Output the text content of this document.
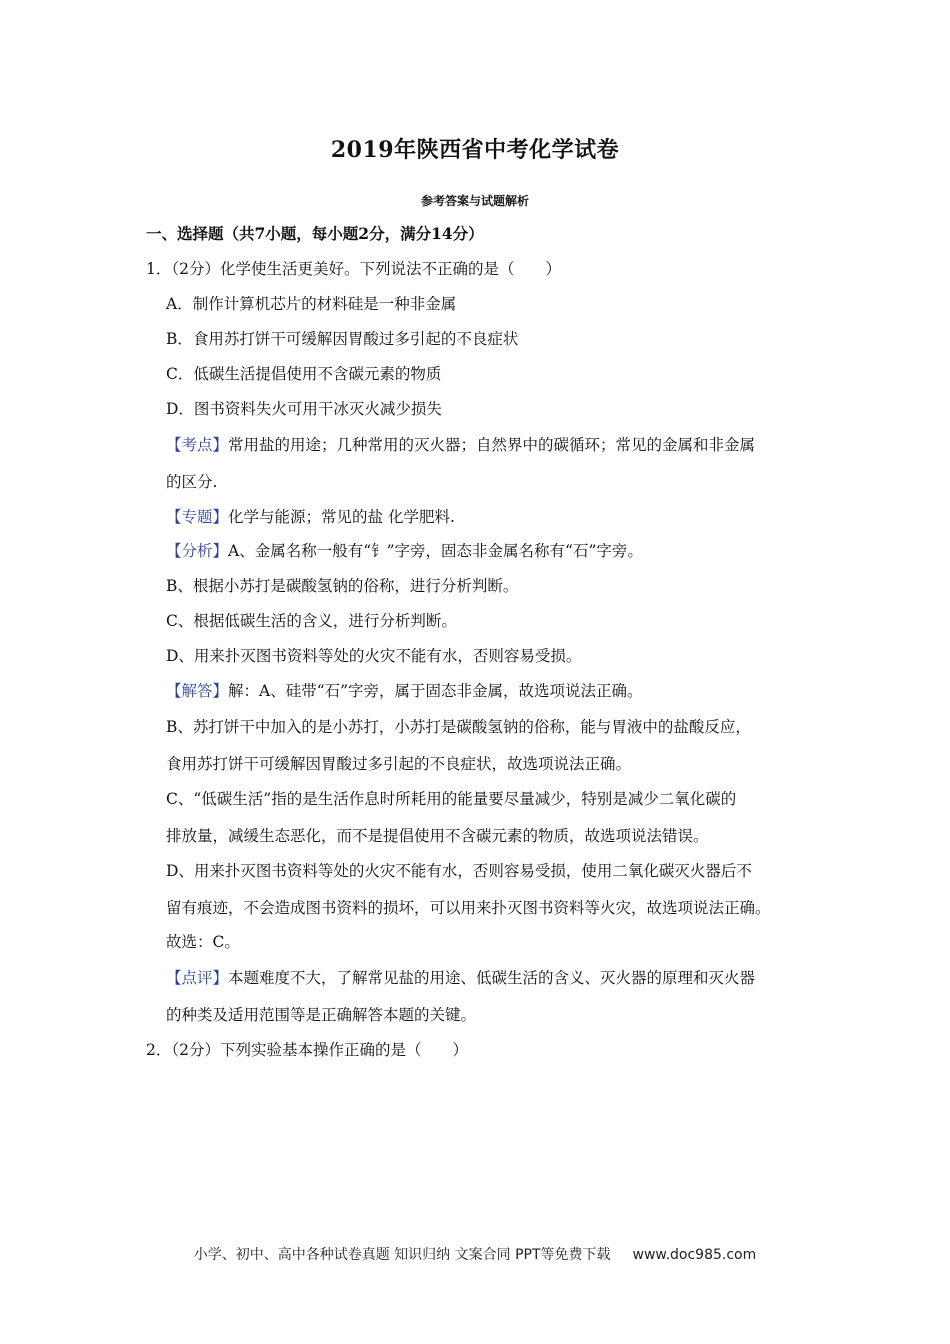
2019年陕西省中考化学试卷
参考答案与试题解析
一、选择题（共7小题，每小题2分，满分14分）
1．（2分）化学使生活更美好。下列说法不正确的是（　　）
A．制作计算机芯片的材料硅是一种非金属
B．食用苏打饼干可缓解因胃酸过多引起的不良症状
C．低碳生活提倡使用不含碳元素的物质
D．图书资料失火可用干冰灭火减少损失
【考点】常用盐的用途；几种常用的灭火器；自然界中的碳循环；常见的金属和非金属
的区分.
【专题】化学与能源；常见的盐 化学肥料.
【分析】A、金属名称一般有“钅”字旁，固态非金属名称有“石”字旁。
B、根据小苏打是碳酸氢钠的俗称，进行分析判断。
C、根据低碳生活的含义，进行分析判断。
D、用来扑灭图书资料等处的火灾不能有水，否则容易受损。
【解答】解：A、硅带“石”字旁，属于固态非金属，故选项说法正确。
B、苏打饼干中加入的是小苏打，小苏打是碳酸氢钠的俗称，能与胃液中的盐酸反应，
食用苏打饼干可缓解因胃酸过多引起的不良症状，故选项说法正确。
C、“低碳生活”指的是生活作息时所耗用的能量要尽量减少，特别是减少二氧化碳的
排放量，减缓生态恶化，而不是提倡使用不含碳元素的物质，故选项说法错误。
D、用来扑灭图书资料等处的火灾不能有水，否则容易受损，使用二氧化碳灭火器后不
留有痕迹，不会造成图书资料的损坏，可以用来扑灭图书资料等火灾，故选项说法正确。
故选：C。
【点评】本题难度不大，了解常见盐的用途、低碳生活的含义、灭火器的原理和灭火器
的种类及适用范围等是正确解答本题的关键。
2．（2分）下列实验基本操作正确的是（　　）
小学、初中、高中各种试卷真题 知识归纳 文案合同 PPT等免费下载 www.doc985.com
